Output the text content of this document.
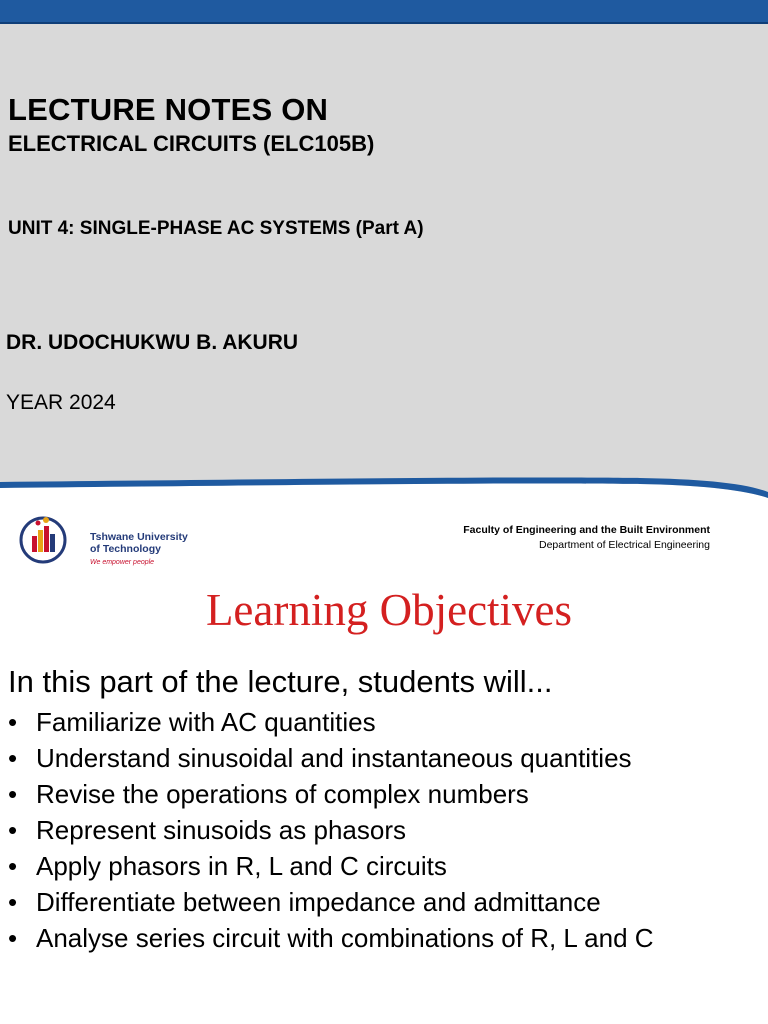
LECTURE NOTES ON
ELECTRICAL CIRCUITS (ELC105B)
UNIT 4: SINGLE-PHASE AC SYSTEMS (Part A)
DR. UDOCHUKWU B. AKURU
YEAR 2024
Tshwane University
of Technology
We empower people
Faculty of Engineering and the Built Environment
Department of Electrical Engineering
Learning Objectives
In this part of the lecture, students will...
• Familiarize with AC quantities
• Understand sinusoidal and instantaneous quantities
• Revise the operations of complex numbers
• Represent sinusoids as phasors
• Apply phasors in R, L and C circuits
• Differentiate between impedance and admittance
• Analyse series circuit with combinations of R, L and C
